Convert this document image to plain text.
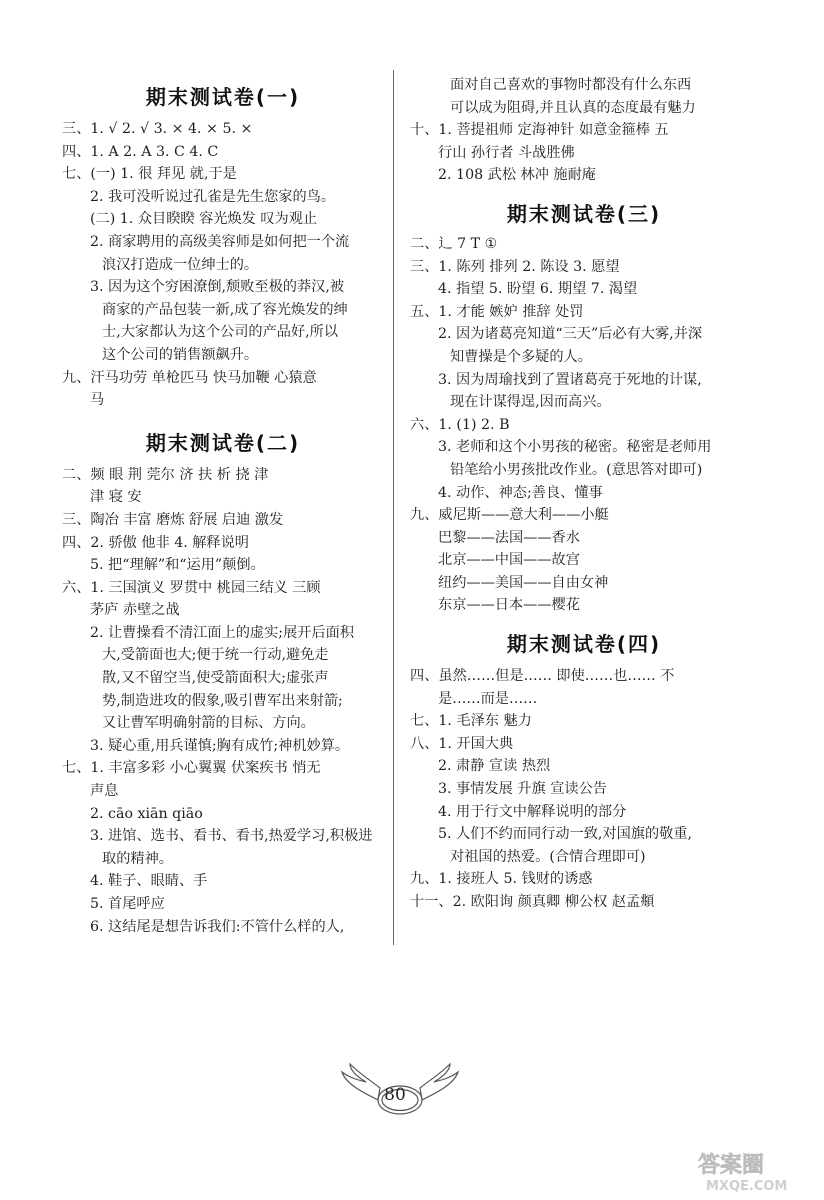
期末测试卷(一)
三、1. √ 2. √ 3. × 4. × 5. ×
四、1. A 2. A 3. C 4. C
七、(一) 1. 很 拜见 就,于是
2. 我可没听说过孔雀是先生您家的鸟。
(二) 1. 众目睽睽 容光焕发 叹为观止
2. 商家聘用的高级美容师是如何把一个流
浪汉打造成一位绅士的。
3. 因为这个穷困潦倒,颓败至极的莽汉,被
商家的产品包装一新,成了容光焕发的绅
士,大家都认为这个公司的产品好,所以
这个公司的销售额飙升。
九、汗马功劳 单枪匹马 快马加鞭 心猿意
马
期末测试卷(二)
二、频 眼 荆 莞尔 济 扶 析 挠 津
津 寝 安
三、陶冶 丰富 磨炼 舒展 启迪 激发
四、2. 骄傲 他非 4. 解释说明
5. 把“理解”和“运用”颠倒。
六、1. 三国演义 罗贯中 桃园三结义 三顾
茅庐 赤壁之战
2. 让曹操看不清江面上的虚实;展开后面积
大,受箭面也大;便于统一行动,避免走
散,又不留空当,使受箭面积大;虚张声
势,制造进攻的假象,吸引曹军出来射箭;
又让曹军明确射箭的目标、方向。
3. 疑心重,用兵谨慎;胸有成竹;神机妙算。
七、1. 丰富多彩 小心翼翼 伏案疾书 悄无
声息
2. cāo xiān qiāo
3. 进馆、选书、看书、看书,热爱学习,积极进
取的精神。
4. 鞋子、眼睛、手
5. 首尾呼应
6. 这结尾是想告诉我们:不管什么样的人,
面对自己喜欢的事物时都没有什么东西
可以成为阻碍,并且认真的态度最有魅力
十、1. 菩提祖师 定海神针 如意金箍棒 五
行山 孙行者 斗战胜佛
2. 108 武松 林冲 施耐庵
期末测试卷(三)
二、辶 7 T ①
三、1. 陈列 排列 2. 陈设 3. 愿望
4. 指望 5. 盼望 6. 期望 7. 渴望
五、1. 才能 嫉妒 推辞 处罚
2. 因为诸葛亮知道“三天”后必有大雾,并深
知曹操是个多疑的人。
3. 因为周瑜找到了置诸葛亮于死地的计谋,
现在计谋得逞,因而高兴。
六、1. (1) 2. B
3. 老师和这个小男孩的秘密。秘密是老师用
铅笔给小男孩批改作业。(意思答对即可)
4. 动作、神态;善良、懂事
九、威尼斯——意大利——小艇
巴黎——法国——香水
北京——中国——故宫
纽约——美国——自由女神
东京——日本——樱花
期末测试卷(四)
四、虽然……但是…… 即使……也…… 不
是……而是……
七、1. 毛泽东 魅力
八、1. 开国大典
2. 肃静 宣读 热烈
3. 事情发展 升旗 宣读公告
4. 用于行文中解释说明的部分
5. 人们不约而同行动一致,对国旗的敬重,
对祖国的热爱。(合情合理即可)
九、1. 接班人 5. 钱财的诱惑
十一、2. 欧阳询 颜真卿 柳公权 赵孟頫
80
答案圈
MXQE.COM
